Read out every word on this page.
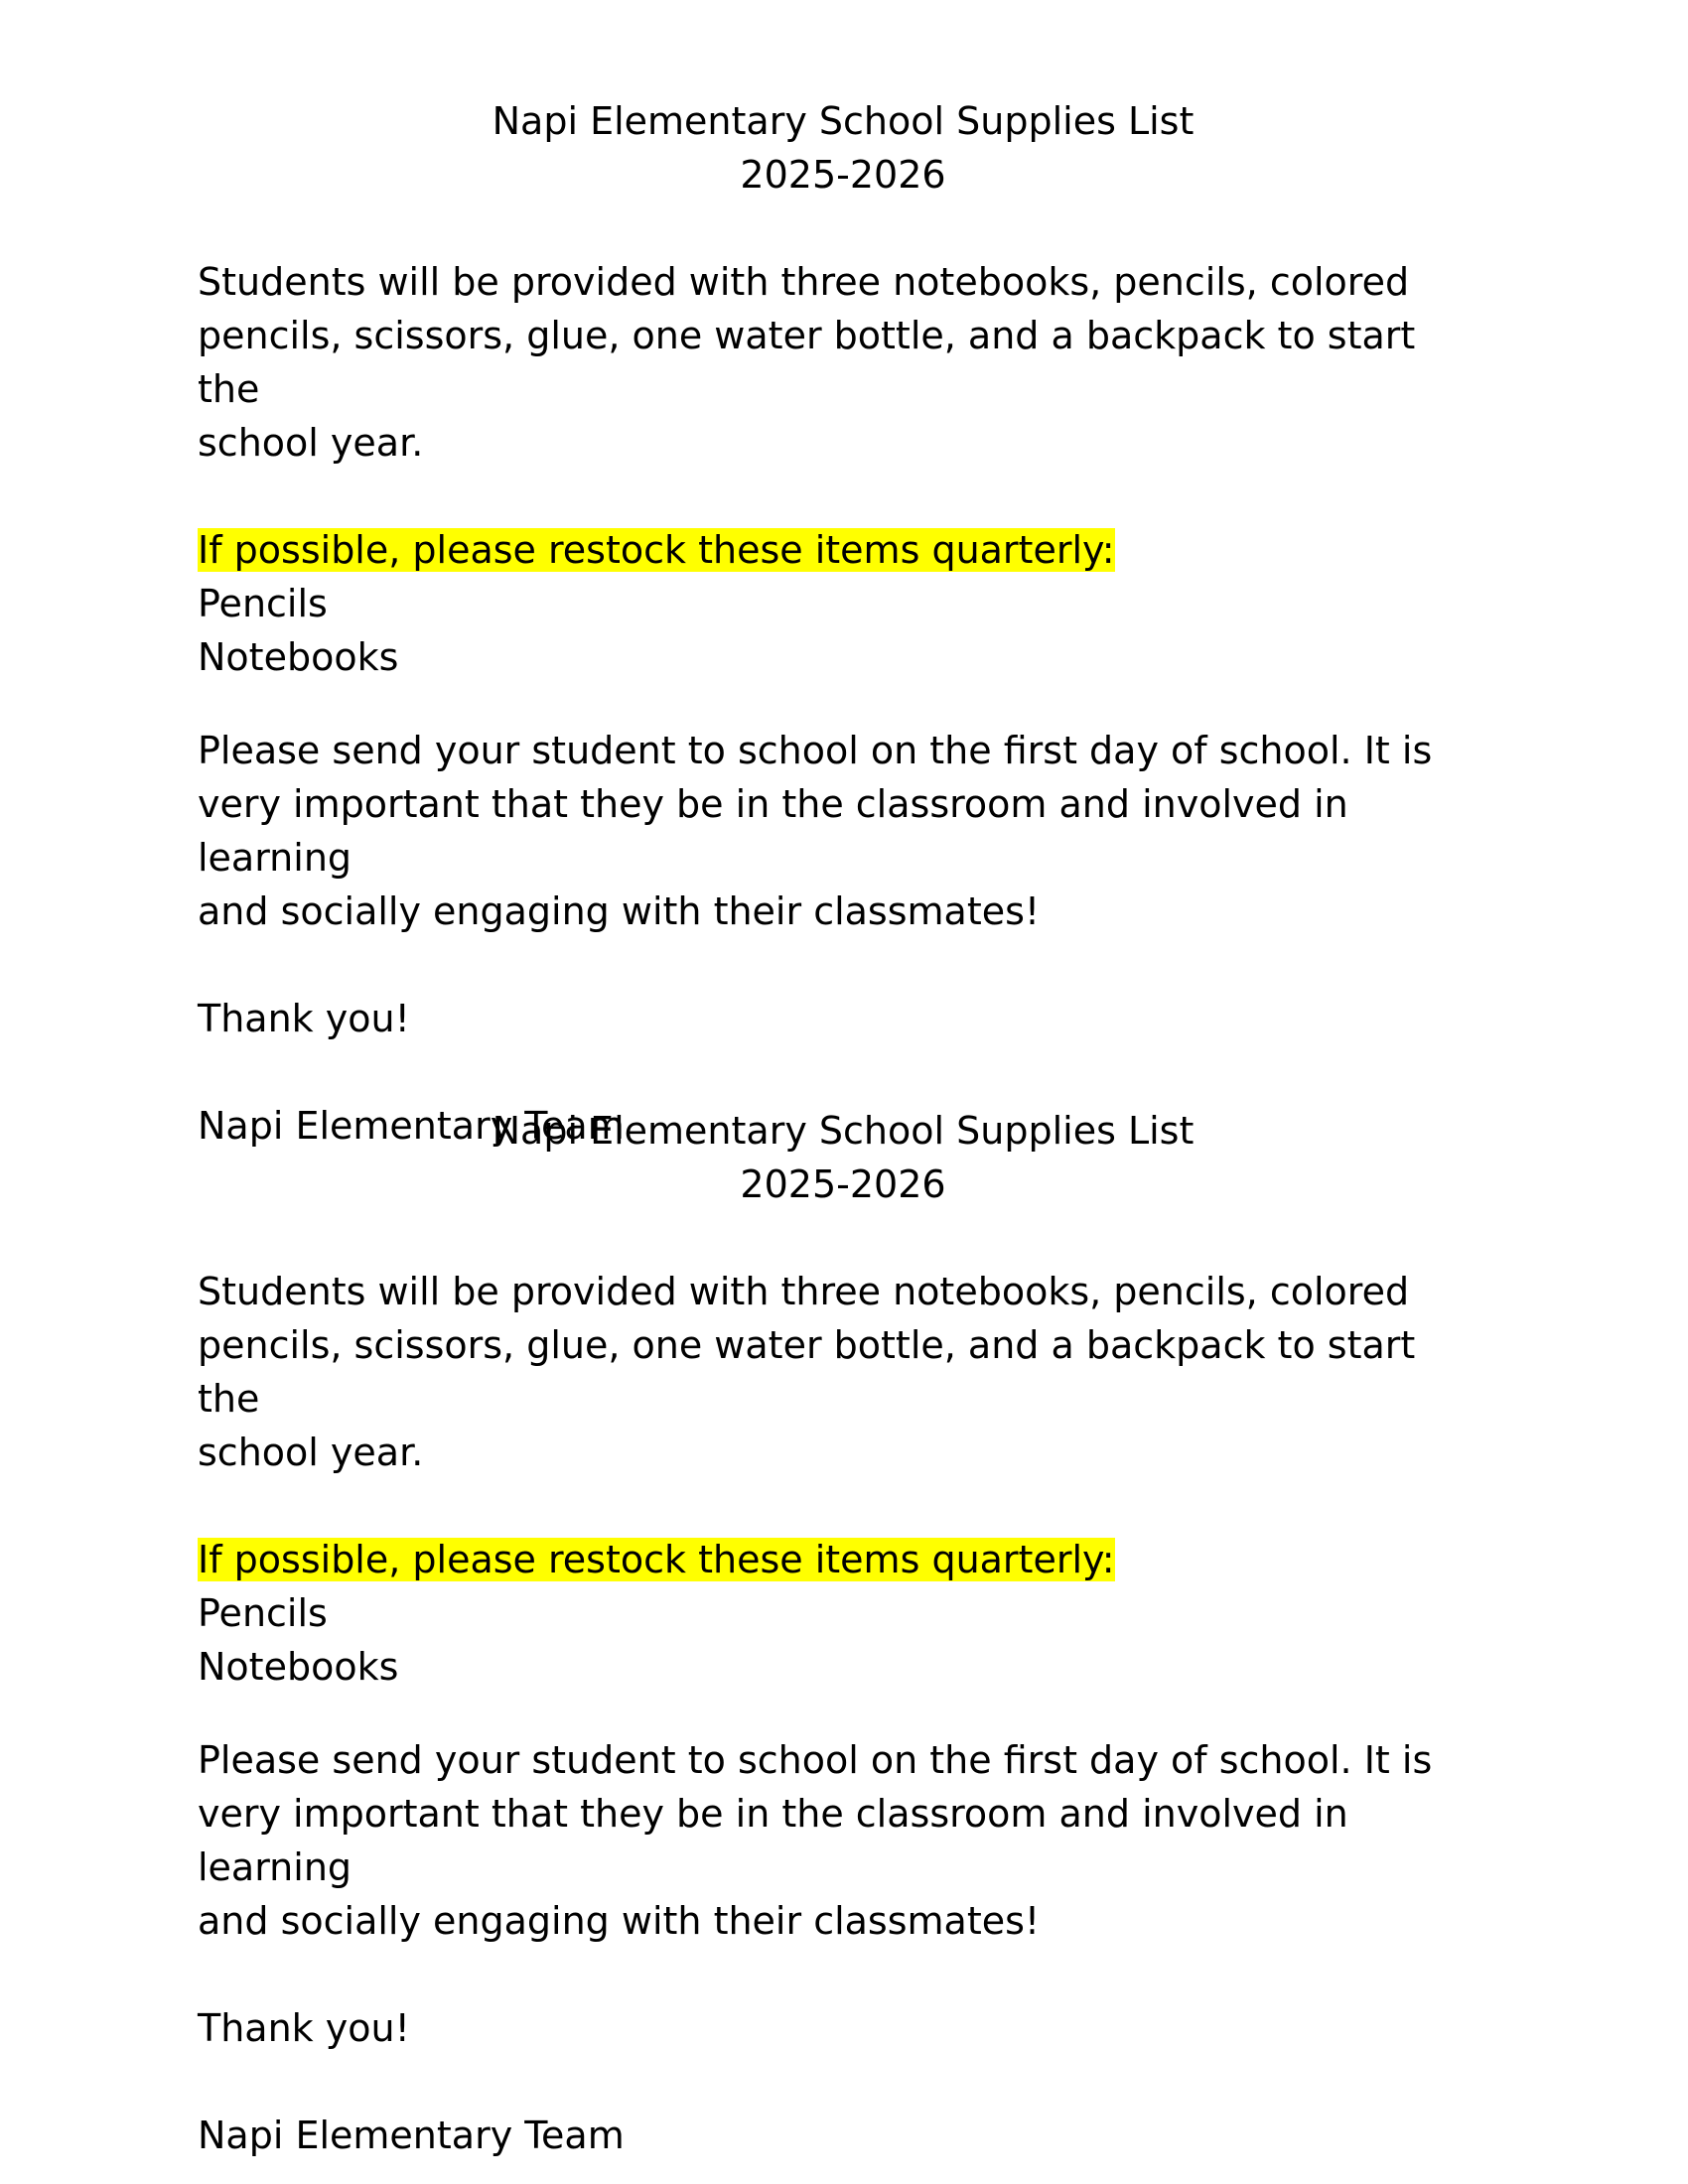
Napi Elementary School Supplies List
2025-2026
Students will be provided with three notebooks, pencils, colored
pencils, scissors, glue, one water bottle, and a backpack to start the
school year.
If possible, please restock these items quarterly:
Pencils
Notebooks
Please send your student to school on the first day of school. It is
very important that they be in the classroom and involved in learning
and socially engaging with their classmates!
Thank you!
Napi Elementary Team
Napi Elementary School Supplies List
2025-2026
Students will be provided with three notebooks, pencils, colored
pencils, scissors, glue, one water bottle, and a backpack to start the
school year.
If possible, please restock these items quarterly:
Pencils
Notebooks
Please send your student to school on the first day of school. It is
very important that they be in the classroom and involved in learning
and socially engaging with their classmates!
Thank you!
Napi Elementary Team
